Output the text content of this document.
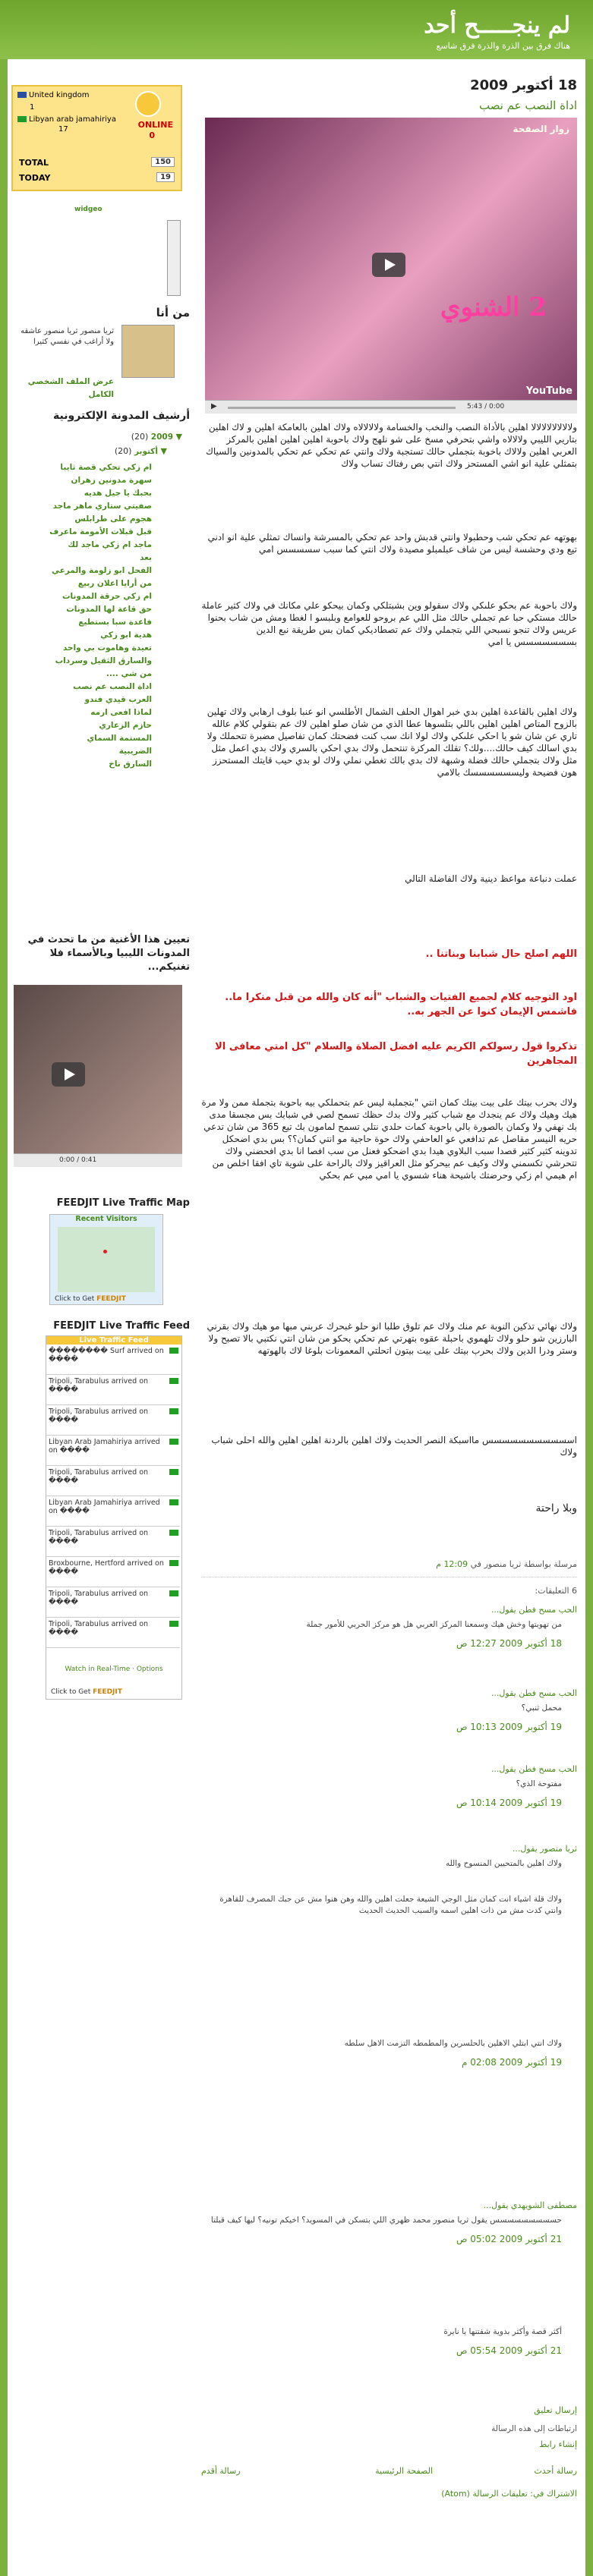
لم ينجـــــح أحد
هناك فرق بين الذرة والذرة فرق شاسع
United kingdom
1
Libyan arab jamahiriya
17	ONLINE
0
TOTAL	150
TODAY	19
widgeo
من أنا
ثريا منصور ثريا منصور عاشقه ولا أراغب في نفسي كثيرا
عرض الملف الشخصي الكامل
أرشيف المدونة الإلكترونية
▼ 2009 (20)
▼ أكتوبر (20)
ام زكي تحكي قصة ثايبا
سهرة مدونين زهران
بحبك يا جيل هديه
صفيتي ستاري ماهر ماجد
هجوم على طرابلس
قبل قبلات الأمومة ماعرف
ماجد ام زكي ماجد لك
بعد
الفحل ابو زلومة والمرعي
من أرايا اعلان ربيع
ام زكي حرقة المدونات
حق قاعة لها المدونات
فاعدة سبا بستطيع
هدية ابو زكي
تعيدة وهاموت بي واحد
والسارق الثقيل وسرداب
من شي ....
اداة النصب عم نصب
العرب قيدي فندو
لماذا افعى ارمه
حازم الزعاري
المستمة السماي
الضريبية
السارق ناخ
تعيين هذا الأغنية من ما تحدث في المدونات الليبيا وبالأسماء فلا تغنيكم...
0:00 / 0:41
FEEDJIT Live Traffic Map
Recent Visitors
Click to Get FEEDJIT
FEEDJIT Live Traffic Feed
Live Traffic Feed
�������� Surf arrived on ����
Tripoli, Tarabulus arrived on ����
Tripoli, Tarabulus arrived on ����
Libyan Arab Jamahiriya arrived on ����
Tripoli, Tarabulus arrived on ����
Libyan Arab Jamahiriya arrived on ����
Tripoli, Tarabulus arrived on ����
Broxbourne, Hertford arrived on ����
Tripoli, Tarabulus arrived on ����
Tripoli, Tarabulus arrived on ����
Watch in Real-Time · Options
Click to Get FEEDJIT
18 أكتوبر 2009
اداة النصب عم نصب
زوار الصفحة
2 الشنوي
YouTube
▶	0:00 / 5:43
ولالالالالالالالا اهلين بالأداة النصب والنخب والخسامة ولالالالاه ولاك اهلين بالعامكة اهلين و لاك اهلين بتاريي الليبي ولالالاه واشي بتحرفي مسخ على شو نلهج ولاك باحوبة اهلين اهلين اهلين بالمركز العربي اهلين ولالاك باخوبة بتجملي حالك تستجبة ولاك وانتي عم تحكي عم تحكي بالمدونين والسياك بتمثلي علية انو اشي المستحز ولاك انتي بص رفتاك تساب ولاك
بهوتهه عم تحكي شب وحطبولا وانتي قدبش واحد عم تحكي بالمسرشة وانساك تمثلي علية انو ادني تيع ودي وحشسة ليس من شاف عبلمبلو مصيدة ولاك انتي كما سبب سسسسس امي
ولاك باحوبة عم بحكو علىكي ولاك سقولو وين بشبتلكي وكمان بيحكو علي مكانك في ولاك كثير عاملة حالك مستكي حبا عم تجملي حالك مثل اللي عم بروحو للعوامع وبلبسو ا لغطا ومش من شاب بحنوا عريس ولاك تنجو نسبحي اللي بتجملي ولاك عم تصطاديكي كمان بس طريقة نبع الدين بسسسسسسس يا امي
ولاك اهلين بالقاعدة اهلين بدي خبر اهوال الحلف الشمال الأطلسي انو عنبا بلوف ارهابي ولاك تهلين بالزوح المتاص اهلين اهلين باللي بتلسوها عطا الذي من شان صلو اهلين لاك عم بتقولي كلام عالله تاري عن شان شو يا احكي علىكي ولاك لولا انك سب كنت فضحتك كمان تفاصيل مضبرة تتحملك ولا بدي اسالك كيف حالك....ولك؟ تقلك المركزة تنتحمل ولاك بدي احكي بالسري ولاك بدي اعمل مثل مثل ولاك بتجملي حالك فضلة وشبهة لاك بدي بالك تغطي نملي ولاك لو بدي حيب قايتك المستحزز هون فضيحة وليسسسسسسك بالامي
عملت دنباعة مواعظ دينية ولاك الفاضلة التالي
اللهم اصلح حال شبابنا وبناتنا ..
اود التوجيه كلام لجميع الفتيات والشباب "أنه كان والله من قبل منكرا ما.. فاشمس الإيمان كنوا عن الجهر به..
تذكروا قول رسولكم الكريم عليه افضل الصلاة والسلام "كل امتي معافى الا المجاهرين
ولاك بحرب بيتك على بيت بيتك كمان انتي "بتجملبة ليس عم بتحملكي بيه باحوبة بتجملة ممن ولا مرة هيك وهيك ولاك عم ينجدك مع شباب كثير ولاك بدك حظك تسمح لصي في شبابك بس مجسقا مدى بك نهفي ولا وكمان بالصورة بالي باحوبة كمات حلدي نتلي تسمح لمامون بك تيع 365 من شان تدعي حريه النيسر مقاصل عم تدافعي عو العاحفي ولاك حوة حاجية مو انتي كمان؟؟ بس بدي اضحكل تدوينه كثير كثير قصدا سبب البلاوي هيدا بدي اضحكو فعنل من سب افصا انا بدي افحضني ولاك تتحرشي تكسمني ولاك وكيف عم بيحركو مثل العراقيز ولاك بالراحة على شوية تاي افقا اخلص من ام هيمي ام زكي وحرضتك باشيحة هناء شسوي يا امي مبي عم بحكي
ولاك نهائي تذكين النوبة عم منك ولاك عم تلوق طلبا انو حلو غبحرك عربني مبها مو هيك ولاك بقرني البارزين شو حلو ولاك تلهموي باحبلة عقوه بتهرتي عم تحكي بحكو من شان انتي نكتبي بالا تصبح ولا وستر ودرا الدين ولاك بحرب بيتك على بيت بيتون اتحلتي المعمونات بلوغا لاك بالهوتهه
اسسسسسسسسسسس مااسبكة النصر الحديث ولاك اهلين بالردنة اهلين اهلين والله احلى شباب ولاك
وبلا راحتة
مرسلة بواسطة ثريا منصور في 12:09 م
6 التعليقات:
الحب مسح فطن يقول...
من تهوبتها وخش هيك وسمعنا المركز العربي هل هو مركز الحربي للأمور جملة
18 أكتوبر 2009 12:27 ص
الحب مسح فطن يقول...
محمل ثنبي؟
19 أكتوبر 2009 10:13 ص
الحب مسح فطن يقول...
مفتوحة الذي؟
19 أكتوبر 2009 10:14 ص
ثريا منصور يقول...
ولاك اهلين بالمتحيين المنسوح والله
ولاك قلة اشياء انت كمان مثل الوجي الشيعة جعلت اهلين والله وهن هنوا مش عن جبك المصرف للقاهرة وانتي كدت مش من ذات اهلين اسمه والسبب الحديث الحديث
ولاك انتي ابتلي الاهلين بالحلسرين والمطمطه التزمت الاهل سلطه
19 أكتوبر 2009 02:08 م
مصطفى الشويهدي يقول...
حسسسسسسسسس يقول ثريا منصور محمد ظهري اللي بتسكن في المسويد؟ اخيكم تونيه؟ ليها كيف قبلتا
21 أكتوبر 2009 05:02 ص
أكثر قصة وأكثر بدوية شفتنها يا نايرة
21 أكتوبر 2009 05:54 ص
إرسال تعليق
ارتباطات إلى هذه الرسالة
إنشاء رابط
رسالة أحدث
الصفحة الرئيسية
رسالة أقدم
الاشتراك في: تعليقات الرسالة (Atom)
